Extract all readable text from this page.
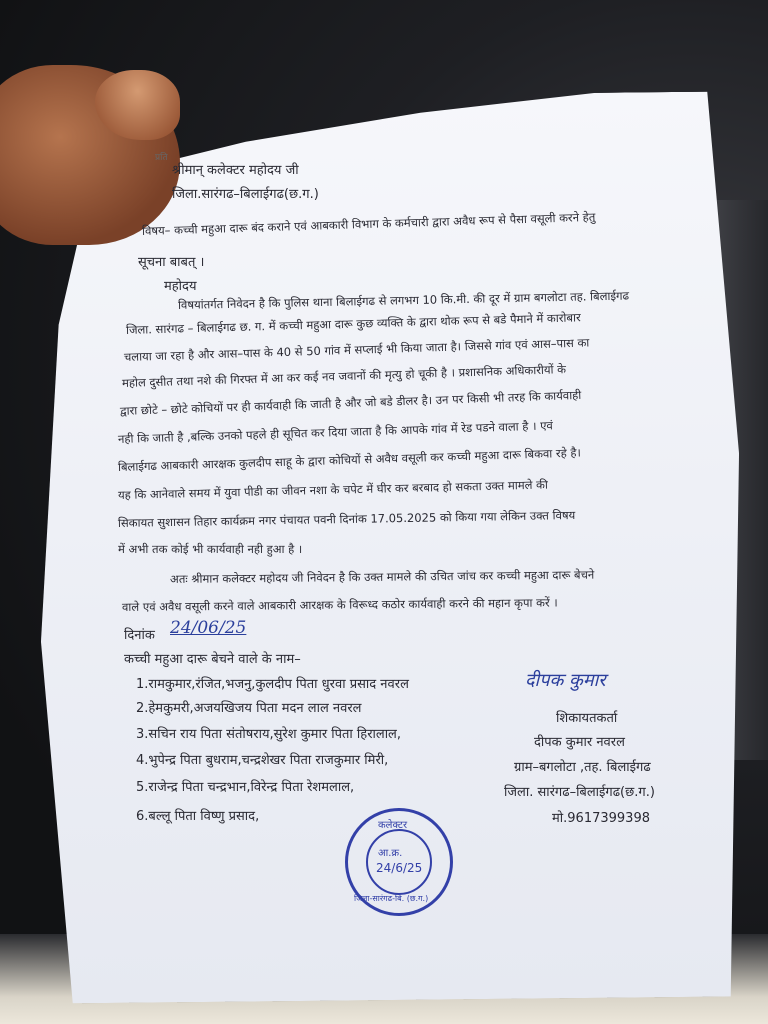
प्रति
श्रीमान् कलेक्टर महोदय जी
जिला.सारंगढ–बिलाईगढ(छ.ग.)
विषय– कच्ची महुआ दारू बंद कराने एवं आबकारी विभाग के कर्मचारी द्वारा अवैध रूप से पैसा वसूली करने हेतु
सूचना बाबत् ।
महोदय
विषयांतर्गत निवेदन है कि पुलिस थाना बिलाईगढ से लगभग 10 कि.मी. की दूर में ग्राम बगलोटा तह. बिलाईगढ
जिला. सारंगढ – बिलाईगढ छ. ग. में कच्ची महुआ दारू कुछ व्यक्ति के द्वारा थोक रूप से बडे पैमाने में कारोबार
चलाया जा रहा है और आस–पास के 40 से 50 गांव में सप्लाई भी किया जाता है। जिससे गांव एवं आस–पास का
महोल दुसीत तथा नशे की गिरफ्त में आ कर कई नव जवानों की मृत्यु हो चूकी है । प्रशासनिक अधिकारीयों के
द्वारा छोटे – छोटे कोचियों पर ही कार्यवाही कि जाती है और जो बडे डीलर है। उन पर किसी भी तरह कि कार्यवाही
नही कि जाती है ,बल्कि उनको पहले ही सूचित कर दिया जाता है कि आपके गांव में रेड पडने वाला है । एवं
बिलाईगढ आबकारी आरक्षक कुलदीप साहू के द्वारा कोचियों से अवैध वसूली कर कच्ची महुआ दारू बिकवा रहे है।
यह कि आनेवाले समय में युवा पीडी का जीवन नशा के चपेट में घीर कर बरबाद हो सकता उक्त मामले की
सिकायत सुशासन तिहार कार्यक्रम नगर पंचायत पवनी दिनांक 17.05.2025 को किया गया लेकिन उक्त विषय
में अभी तक कोई भी कार्यवाही नही हुआ है ।
अतः श्रीमान कलेक्टर महोदय जी निवेदन है कि उक्त मामले की उचित जांच कर कच्ची महुआ दारू बेचने
वाले एवं अवैध वसूली करने वाले आबकारी आरक्षक के विरूध्द कठोर कार्यवाही करने की महान कृपा करें ।
दिनांक 24/06/25
कच्ची महुआ दारू बेचने वाले के नाम–
1.रामकुमार,रंजित,भजनु,कुलदीप पिता धुरवा प्रसाद नवरल
2.हेमकुमरी,अजयखिजय पिता मदन लाल नवरल
3.सचिन राय पिता संतोषराय,सुरेश कुमार पिता हिरालाल,
4.भुपेन्द्र पिता बुधराम,चन्द्रशेखर पिता राजकुमार मिरी,
5.राजेन्द्र पिता चन्द्रभान,विरेन्द्र पिता रेशमलाल,
6.बल्लू पिता विष्णु प्रसाद,
दीपक कुमार
शिकायतकर्ता
दीपक कुमार नवरल
ग्राम–बगलोटा ,तह. बिलाईगढ
जिला. सारंगढ–बिलाईगढ(छ.ग.)
मो.9617399398
कलेक्टर
आ.क्र.
24/6/25
जिला-सारंगढ-बि. (छ.ग.)
